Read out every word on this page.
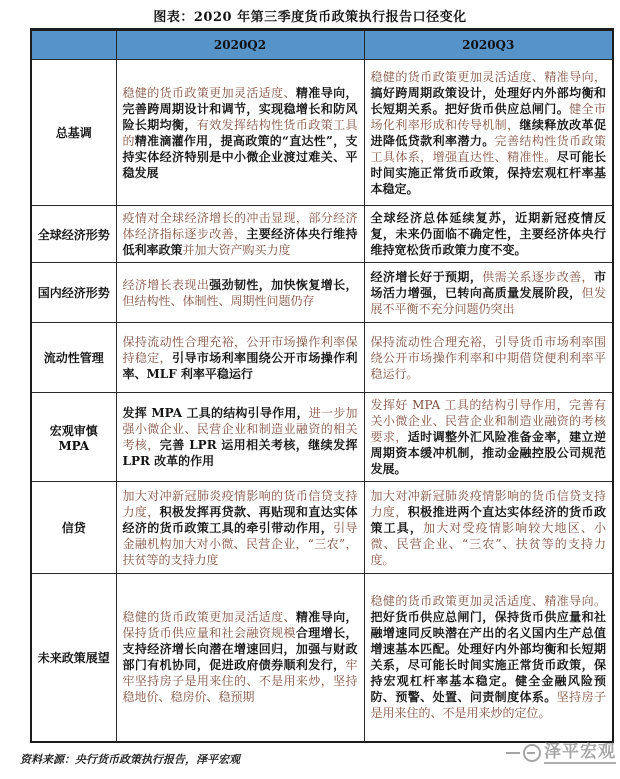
图表：2020 年第三季度货币政策执行报告口径变化
	2020Q2	2020Q3
总基调	稳健的货币政策更加灵活适度、精准导向，完善跨周期设计和调节，实现稳增长和防风险长期均衡，有效发挥结构性货币政策工具的精准滴灌作用，提高政策的“直达性”，支持实体经济特别是中小微企业渡过难关、平稳发展	稳健的货币政策更加灵活适度、精准导向，搞好跨周期政策设计，处理好内外部均衡和长短期关系。把好货币供应总闸门。健全市场化利率形成和传导机制，继续释放改革促进降低贷款利率潜力。完善结构性货币政策工具体系，增强直达性、精准性。尽可能长时间实施正常货币政策，保持宏观杠杆率基本稳定。
全球经济形势	疫情对全球经济增长的冲击显现，部分经济体经济指标逐步改善，主要经济体央行维持低利率政策并加大资产购买力度	全球经济总体延续复苏，近期新冠疫情反复，未来仍面临不确定性，主要经济体央行维持宽松货币政策力度不变。
国内经济形势	经济增长表现出强劲韧性，加快恢复增长，但结构性、体制性、周期性问题仍存	经济增长好于预期，供需关系逐步改善，市场活力增强，已转向高质量发展阶段，但发展不平衡不充分问题仍突出
流动性管理	保持流动性合理充裕，公开市场操作利率保持稳定，引导市场利率围绕公开市场操作利率、MLF 利率平稳运行	保持流动性合理充裕，引导货币市场利率围绕公开市场操作利率和中期借贷便利利率平稳运行。
宏观审慎 MPA	发挥 MPA 工具的结构引导作用，进一步加强小微企业、民营企业和制造业融资的相关考核，完善 LPR 运用相关考核，继续发挥 LPR 改革的作用	发挥好 MPA 工具的结构引导作用，完善有关小微企业、民营企业和制造业融资的考核要求，适时调整外汇风险准备金率，建立逆周期资本缓冲机制，推动金融控股公司规范发展。
信贷	加大对冲新冠肺炎疫情影响的货币信贷支持力度，积极发挥再贷款、再贴现和直达实体经济的货币政策工具的牵引带动作用，引导金融机构加大对小微、民营企业，“三农”，扶贫等的支持力度	加大对冲新冠肺炎疫情影响的货币信贷支持力度，积极推进两个直达实体经济的货币政策工具，加大对受疫情影响较大地区、小微、民营企业、“三农”、扶贫等的支持力度。
未来政策展望	稳健的货币政策更加灵活适度、精准导向，保持货币供应量和社会融资规模合理增长，支持经济增长向潜在增速回归，加强与财政部门有机协同，促进政府债券顺利发行，牢牢坚持房子是用来住的、不是用来炒，坚持稳地价、稳房价、稳预期	稳健的货币政策更加灵活适度、精准导向。把好货币供应总闸门，保持货币供应量和社融增速同反映潜在产出的名义国内生产总值增速基本匹配。处理好内外部均衡和长短期关系，尽可能长时间实施正常货币政策，保持宏观杠杆率基本稳定。健全金融风险预防、预警、处置、问责制度体系。坚持房子是用来住的、不是用来炒的定位。
资料来源：央行货币政策执行报告，泽平宏观	泽平宏观
